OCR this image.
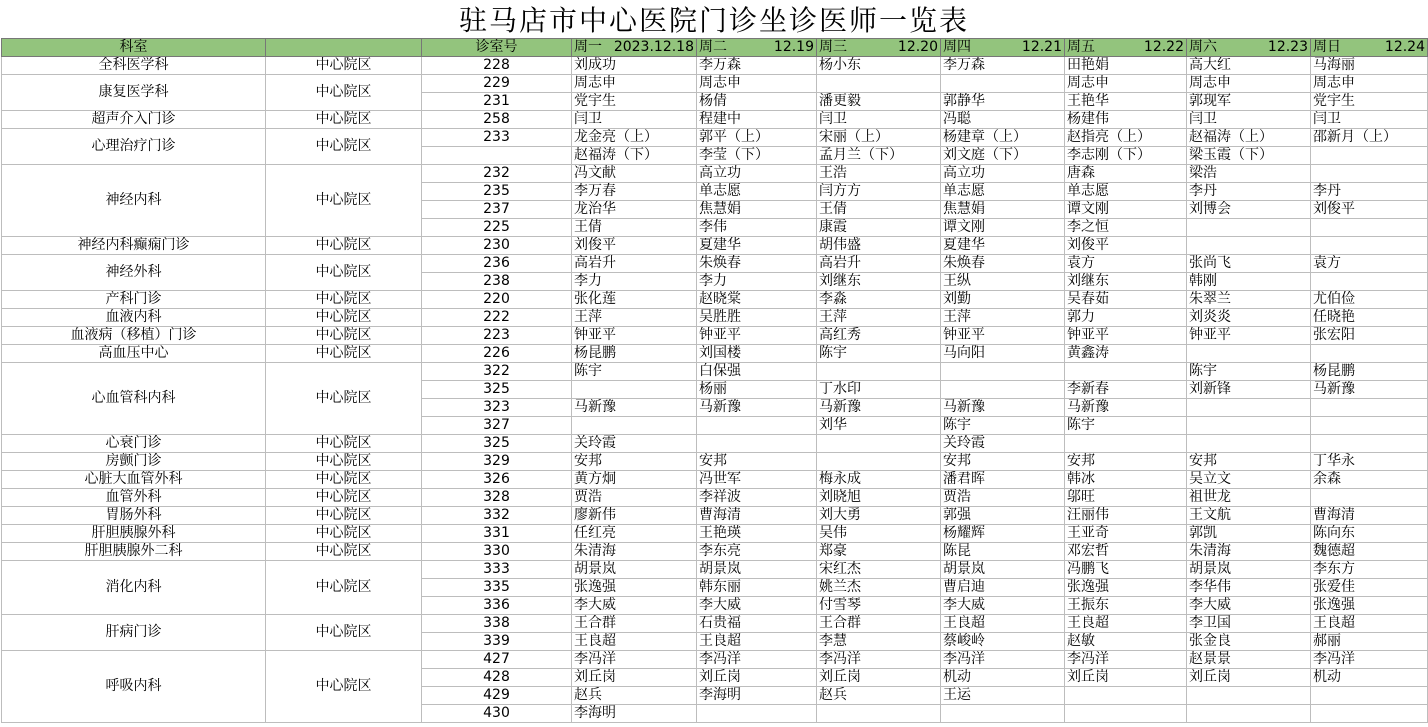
驻马店市中心医院门诊坐诊医师一览表
科室		诊室号	周一 2023.12.18	周二 12.19	周三 12.20	周四 12.21	周五 12.22	周六 12.23	周日 12.24

全科医学科	中心院区	228	刘成功	李万森	杨小东	李万森	田艳娟	高大红	马海丽
康复医学科	中心院区	229	周志申	周志申			周志申	周志申	周志申
		231	党宇生	杨倩	潘更毅	郭静华	王艳华	郭现军	党宇生
超声介入门诊	中心院区	258	闫卫	程建中	闫卫	冯聪	杨建伟	闫卫	闫卫
心理治疗门诊	中心院区	233	龙金亮（上）	郭平（上）	宋丽（上）	杨建章（上）	赵指亮（上）	赵福涛（上）	邵新月（上）
			赵福涛（下）	李莹（下）	孟月兰（下）	刘文庭（下）	李志刚（下）	梁玉霞（下）	
神经内科	中心院区	232	冯文献	高立功	王浩	高立功	唐森	梁浩	
		235	李万春	单志愿	闫方方	单志愿	单志愿	李丹	李丹
		237	龙治华	焦慧娟	王倩	焦慧娟	谭文刚	刘博会	刘俊平
		225	王倩	李伟	康霞	谭文刚	李之恒		
神经内科癫痫门诊	中心院区	230	刘俊平	夏建华	胡伟盛	夏建华	刘俊平		
神经外科	中心院区	236	高岩升	朱焕春	高岩升	朱焕春	袁方	张尚飞	袁方
		238	李力	李力	刘继东	王纵	刘继东	韩刚	
产科门诊	中心院区	220	张化莲	赵晓棠	李淼	刘勤	吴春茹	朱翠兰	尤伯俭
血液内科	中心院区	222	王萍	吴胜胜	王萍	王萍	郭力	刘炎炎	任晓艳
血液病（移植）门诊	中心院区	223	钟亚平	钟亚平	高红秀	钟亚平	钟亚平	钟亚平	张宏阳
高血压中心	中心院区	226	杨昆鹏	刘国楼	陈宇	马向阳	黄鑫涛		
心血管科内科	中心院区	322	陈宇	白保强				陈宇	杨昆鹏
		325		杨丽	丁水印		李新春	刘新锋	马新豫
		323	马新豫	马新豫	马新豫	马新豫	马新豫		
		327			刘华	陈宇	陈宇		
心衰门诊	中心院区	325	关玲霞			关玲霞			
房颤门诊	中心院区	329	安邦	安邦		安邦	安邦	安邦	丁华永
心脏大血管外科	中心院区	326	黄方炯	冯世军	梅永成	潘君晖	韩冰	吴立文	余森
血管外科	中心院区	328	贾浩	李祥波	刘晓旭	贾浩	邬旺	祖世龙	
胃肠外科	中心院区	332	廖新伟	曹海清	刘大勇	郭强	汪丽伟	王文航	曹海清
肝胆胰腺外科	中心院区	331	任红亮	王艳瑛	吴伟	杨耀辉	王亚奇	郭凯	陈向东
肝胆胰腺外二科	中心院区	330	朱清海	李东亮	郑豪	陈昆	邓宏哲	朱清海	魏德超
消化内科	中心院区	333	胡景岚	胡景岚	宋红杰	胡景岚	冯鹏飞	胡景岚	李东方
		335	张逸强	韩东丽	姚兰杰	曹启迪	张逸强	李华伟	张爱佳
		336	李大威	李大威	付雪琴	李大威	王振东	李大威	张逸强
肝病门诊	中心院区	338	王合群	石贵福	王合群	王良超	王良超	李卫国	王良超
		339	王良超	王良超	李慧	蔡峻岭	赵敏	张金良	郝丽
呼吸内科	中心院区	427	李冯洋	李冯洋	李冯洋	李冯洋	李冯洋	赵景景	李冯洋
		428	刘丘岗	刘丘岗	刘丘岗	机动	刘丘岗	刘丘岗	机动
		429	赵兵	李海明	赵兵	王运			
		430	李海明						
